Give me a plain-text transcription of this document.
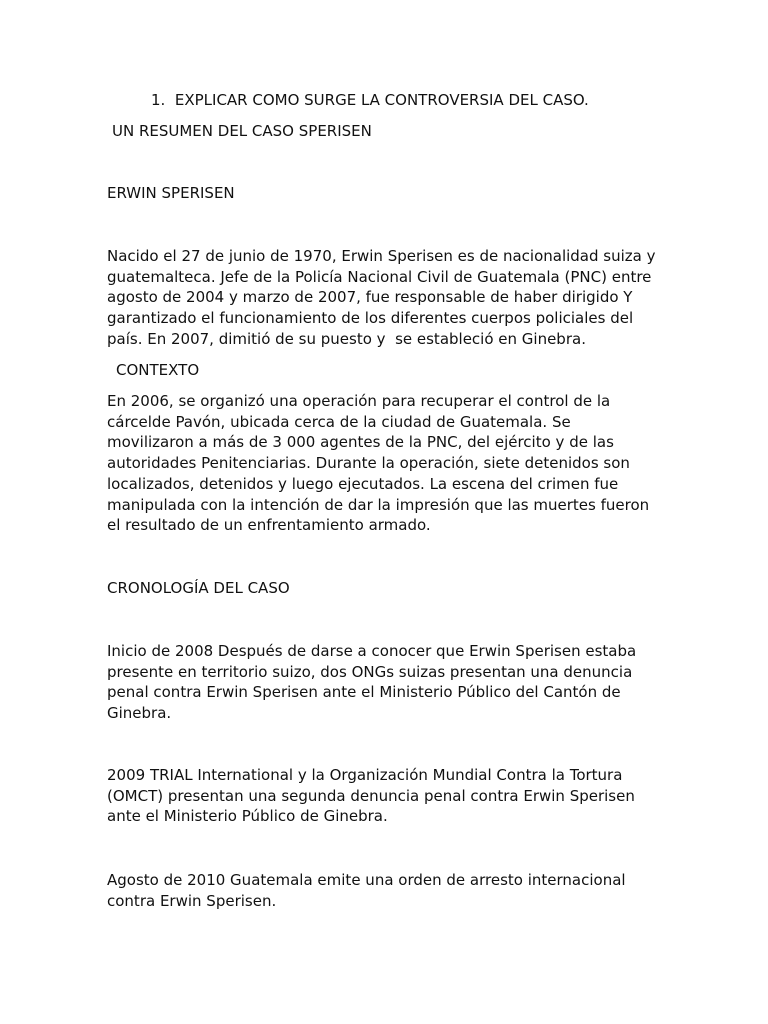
1. EXPLICAR COMO SURGE LA CONTROVERSIA DEL CASO.
UN RESUMEN DEL CASO SPERISEN
ERWIN SPERISEN
Nacido el 27 de junio de 1970, Erwin Sperisen es de nacionalidad suiza y
guatemalteca. Jefe de la Policía Nacional Civil de Guatemala (PNC) entre
agosto de 2004 y marzo de 2007, fue responsable de haber dirigido Y
garantizado el funcionamiento de los diferentes cuerpos policiales del
país. En 2007, dimitió de su puesto y  se estableció en Ginebra.
CONTEXTO
En 2006, se organizó una operación para recuperar el control de la
cárcelde Pavón, ubicada cerca de la ciudad de Guatemala. Se
movilizaron a más de 3 000 agentes de la PNC, del ejército y de las
autoridades Penitenciarias. Durante la operación, siete detenidos son
localizados, detenidos y luego ejecutados. La escena del crimen fue
manipulada con la intención de dar la impresión que las muertes fueron
el resultado de un enfrentamiento armado.
CRONOLOGÍA DEL CASO
Inicio de 2008 Después de darse a conocer que Erwin Sperisen estaba
presente en territorio suizo, dos ONGs suizas presentan una denuncia
penal contra Erwin Sperisen ante el Ministerio Público del Cantón de
Ginebra.
2009 TRIAL International y la Organización Mundial Contra la Tortura
(OMCT) presentan una segunda denuncia penal contra Erwin Sperisen
ante el Ministerio Público de Ginebra.
Agosto de 2010 Guatemala emite una orden de arresto internacional
contra Erwin Sperisen.
